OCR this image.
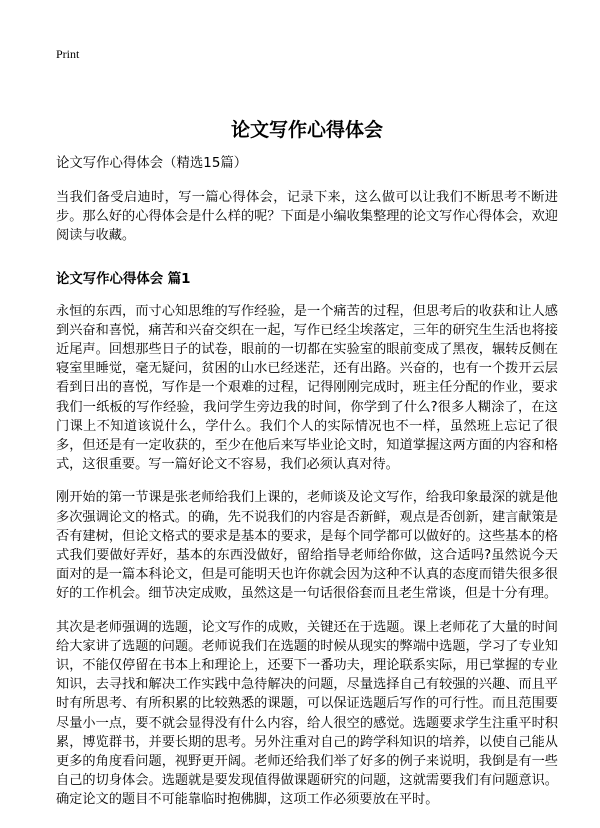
Print
论文写作心得体会

论文写作心得体会（精选15篇）

当我们备受启迪时，写一篇心得体会，记录下来，这么做可以让我们不断思考不断进步。那么好的心得体会是什么样的呢？下面是小编收集整理的论文写作心得体会，欢迎阅读与收藏。

论文写作心得体会 篇1

永恒的东西，而寸心知思维的写作经验，是一个痛苦的过程，但思考后的收获和让人感到兴奋和喜悦，痛苦和兴奋交织在一起，写作已经尘埃落定，三年的研究生生活也将接近尾声。回想那些日子的试卷，眼前的一切都在实验室的眼前变成了黑夜，辗转反侧在寝室里睡觉，毫无疑问，贫困的山水已经迷茫，还有出路。兴奋的，也有一个拨开云层看到日出的喜悦，写作是一个艰难的过程，记得刚刚完成时，班主任分配的作业，要求我们一纸板的写作经验，我问学生旁边我的时间，你学到了什么?很多人糊涂了，在这门课上不知道该说什么，学什么。我们个人的实际情况也不一样，虽然班上忘记了很多，但还是有一定收获的，至少在他后来写毕业论文时，知道掌握这两方面的内容和格式，这很重要。写一篇好论文不容易，我们必须认真对待。

刚开始的第一节课是张老师给我们上课的，老师谈及论文写作，给我印象最深的就是他多次强调论文的格式。的确，先不说我们的内容是否新鲜，观点是否创新，建言献策是否有建树，但论文格式的要求是基本的要求，是每个同学都可以做好的。这些基本的格式我们要做好弄好，基本的东西没做好，留给指导老师给你做，这合适吗?虽然说今天面对的是一篇本科论文，但是可能明天也许你就会因为这种不认真的态度而错失很多很好的工作机会。细节决定成败，虽然这是一句话很俗套而且老生常谈，但是十分有理。

其次是老师强调的选题，论文写作的成败，关键还在于选题。课上老师花了大量的时间给大家讲了选题的问题。老师说我们在选题的时候从现实的弊端中选题，学习了专业知识，不能仅停留在书本上和理论上，还要下一番功夫，理论联系实际，用已掌握的专业知识，去寻找和解决工作实践中急待解决的问题，尽量选择自己有较强的兴趣、而且平时有所思考、有所积累的比较熟悉的课题，可以保证选题后写作的可行性。而且范围要尽量小一点，要不就会显得没有什么内容，给人很空的感觉。选题要求学生注重平时积累，博览群书，并要长期的思考。另外注重对自己的跨学科知识的培养，以使自己能从更多的角度看问题，视野更开阔。老师还给我们举了好多的例子来说明，我倒是有一些自己的切身体会。选题就是要发现值得做课题研究的问题，这就需要我们有问题意识。确定论文的题目不可能靠临时抱佛脚，这项工作必须要放在平时。
